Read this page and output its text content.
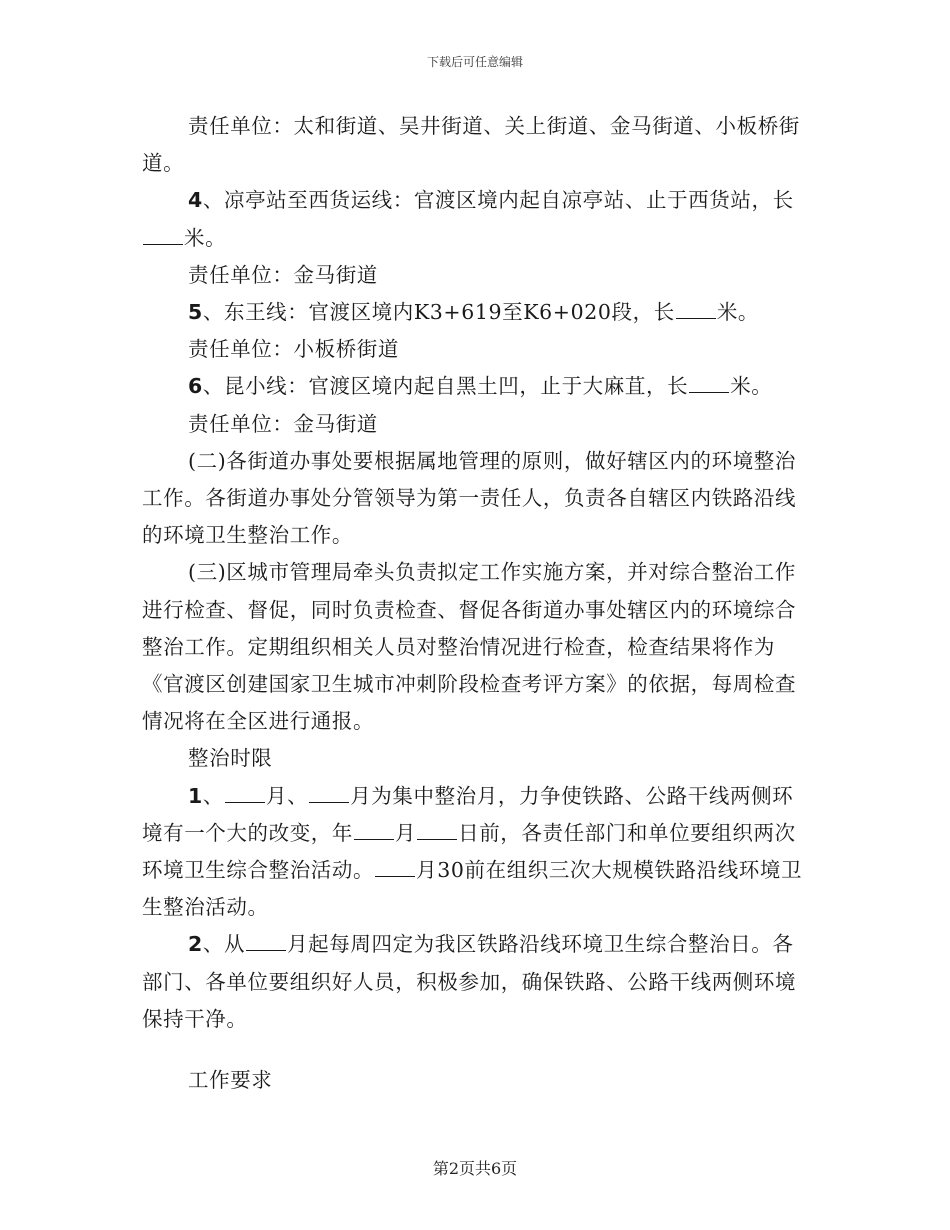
下载后可任意编辑

责任单位：太和街道、吴井街道、关上街道、金马街道、小板桥街道。

4、凉亭站至西货运线：官渡区境内起自凉亭站、止于西货站，长米。

责任单位：金马街道

5、东王线：官渡区境内K3+619至K6+020段，长 米。

责任单位：小板桥街道

6、昆小线：官渡区境内起自黑土凹，止于大麻苴，长 米。

责任单位：金马街道

(二)各街道办事处要根据属地管理的原则，做好辖区内的环境整治工作。各街道办事处分管领导为第一责任人，负责各自辖区内铁路沿线的环境卫生整治工作。

(三)区城市管理局牵头负责拟定工作实施方案，并对综合整治工作进行检查、督促，同时负责检查、督促各街道办事处辖区内的环境综合整治工作。定期组织相关人员对整治情况进行检查，检查结果将作为《官渡区创建国家卫生城市冲刺阶段检查考评方案》的依据，每周检查情况将在全区进行通报。

整治时限

1、 月、 月为集中整治月，力争使铁路、公路干线两侧环境有一个大的改变，年 月 日前，各责任部门和单位要组织两次环境卫生综合整治活动。 月30前在组织三次大规模铁路沿线环境卫生整治活动。

2、从 月起每周四定为我区铁路沿线环境卫生综合整治日。各部门、各单位要组织好人员，积极参加，确保铁路、公路干线两侧环境保持干净。

工作要求

第2页共6页
